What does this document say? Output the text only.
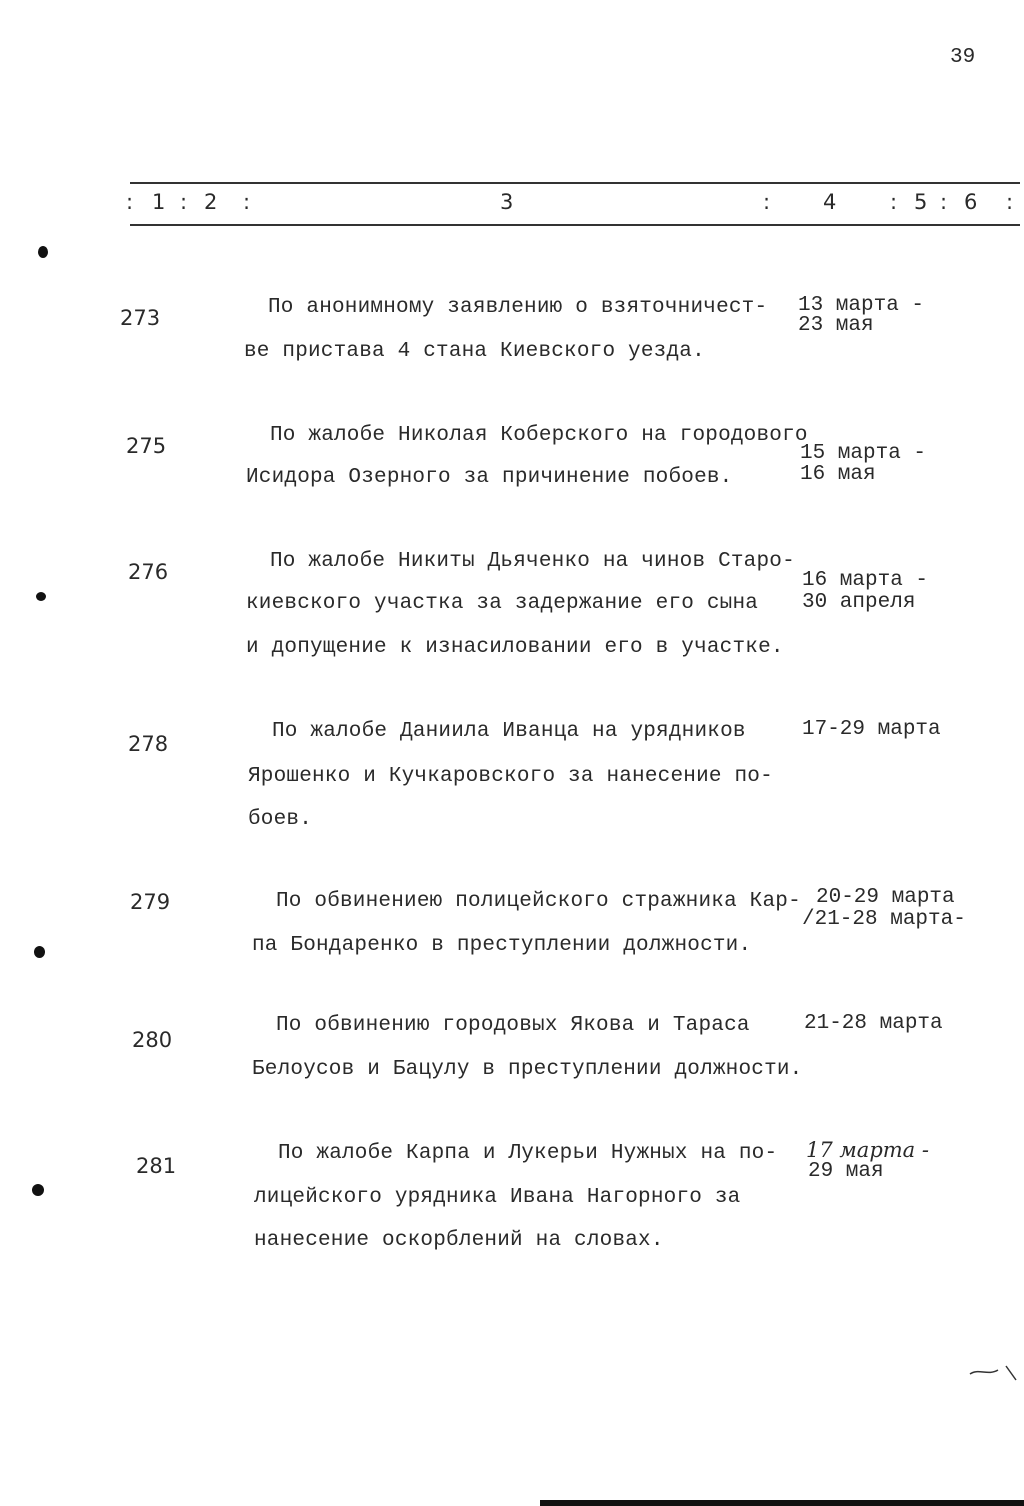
39
: 1 : 2 :	3	:	4	: 5 : 6 :
273	По анонимному заявлению о взяточничест-
ве пристава 4 стана Киевского уезда.
13 марта -
23 мая
275	По жалобе Николая Коберского на городового
Исидора Озерного за причинение побоев.
15 марта -
16 мая
276	По жалобе Никиты Дьяченко на чинов Старо-
киевского участка за задержание его сына
и допущение к изнасиловании его в участке.
16 марта -
30 апреля
278
По жалобе Даниила Иванца на урядников
Ярошенко и Кучкаровского за нанесение по-
боев.
17-29 марта
279	По обвинениею полицейского стражника Кар-
па Бондаренко в преступлении должности.
20-29 марта
/21-28 марта-
280
По обвинению городовых Якова и Тараса
Белоусов и Бацулу в преступлении должности.
21-28 марта
281
По жалобе Карпа и Лукерьи Нужных на по-
лицейского урядника Ивана Нагорного за
нанесение оскорблений на словах.
17 марта -
29 мая
